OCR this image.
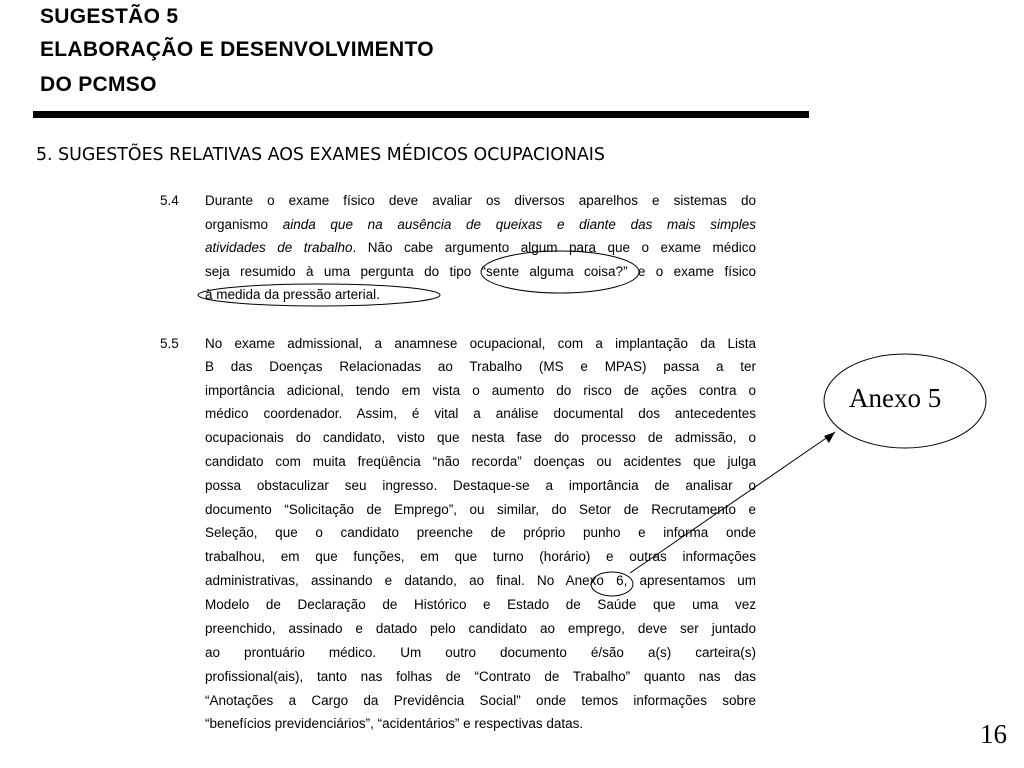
SUGESTÃO 5
ELABORAÇÃO E DESENVOLVIMENTO
DO PCMSO
5. SUGESTÕES RELATIVAS AOS EXAMES MÉDICOS OCUPACIONAIS
5.4 Durante o exame físico deve avaliar os diversos aparelhos e sistemas do
organismo ainda que na ausência de queixas e diante das mais simples
atividades de trabalho. Não cabe argumento algum para que o exame médico
seja resumido à uma pergunta do tipo “sente alguma coisa?” e o exame físico
à medida da pressão arterial.
5.5 No exame admissional, a anamnese ocupacional, com a implantação da Lista
B das Doenças Relacionadas ao Trabalho (MS e MPAS) passa a ter
importância adicional, tendo em vista o aumento do risco de ações contra o
médico coordenador. Assim, é vital a análise documental dos antecedentes
ocupacionais do candidato, visto que nesta fase do processo de admissão, o
candidato com muita freqüência “não recorda” doenças ou acidentes que julga
possa obstaculizar seu ingresso. Destaque-se a importância de analisar o
documento “Solicitação de Emprego”, ou similar, do Setor de Recrutamento e
Seleção, que o candidato preenche de próprio punho e informa onde
trabalhou, em que funções, em que turno (horário) e outras informações
administrativas, assinando e datando, ao final. No Anexo 6, apresentamos um
Modelo de Declaração de Histórico e Estado de Saúde que uma vez
preenchido, assinado e datado pelo candidato ao emprego, deve ser juntado
ao prontuário médico. Um outro documento é/são a(s) carteira(s)
profissional(ais), tanto nas folhas de “Contrato de Trabalho” quanto nas das
“Anotações a Cargo da Previdência Social” onde temos informações sobre
“benefícios previdenciários”, “acidentários” e respectivas datas.
Anexo 5
16
